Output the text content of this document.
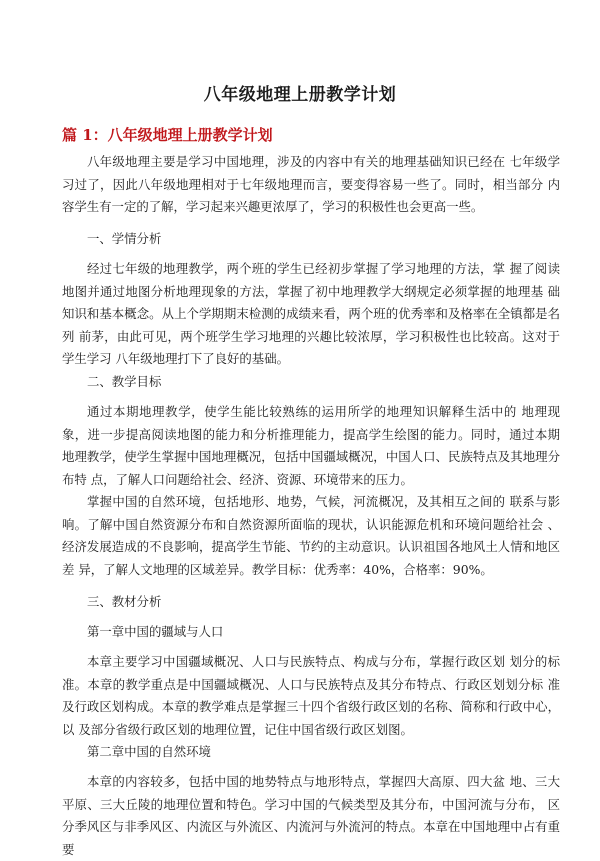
八年级地理上册教学计划
篇 1：八年级地理上册教学计划

八年级地理主要是学习中国地理，涉及的内容中有关的地理基础知识已经在 七年级学习过了，因此八年级地理相对于七年级地理而言，要变得容易一些了。同时，相当部分 内容学生有一定的了解，学习起来兴趣更浓厚了，学习的积极性也会更高一些。

一、学情分析

经过七年级的地理教学，两个班的学生已经初步掌握了学习地理的方法，掌 握了阅读地图并通过地图分析地理现象的方法，掌握了初中地理教学大纲规定必须掌握的地理基 础知识和基本概念。从上个学期期末检测的成绩来看，两个班的优秀率和及格率在全镇都是名列 前茅，由此可见，两个班学生学习地理的兴趣比较浓厚，学习积极性也比较高。这对于学生学习 八年级地理打下了良好的基础。

二、教学目标

通过本期地理教学，使学生能比较熟练的运用所学的地理知识解释生活中的 地理现象，进一步提高阅读地图的能力和分析推理能力，提高学生绘图的能力。同时，通过本期 地理教学，使学生掌握中国地理概况，包括中国疆域概况，中国人口、民族特点及其地理分布特 点，了解人口问题给社会、经济、资源、环境带来的压力。

掌握中国的自然环境，包括地形、地势，气候，河流概况，及其相互之间的 联系与影响。了解中国自然资源分布和自然资源所面临的现状，认识能源危机和环境问题给社会 、经济发展造成的不良影响，提高学生节能、节约的主动意识。认识祖国各地风土人情和地区差 异，了解人文地理的区域差异。教学目标：优秀率：40%，合格率：90%。

三、教材分析

第一章中国的疆域与人口

本章主要学习中国疆域概况、人口与民族特点、构成与分布，掌握行政区划 划分的标准。本章的教学重点是中国疆域概况、人口与民族特点及其分布特点、行政区划划分标 准及行政区划构成。本章的教学难点是掌握三十四个省级行政区划的名称、简称和行政中心，以 及部分省级行政区划的地理位置，记住中国省级行政区划图。

第二章中国的自然环境

本章的内容较多，包括中国的地势特点与地形特点，掌握四大高原、四大盆 地、三大平原、三大丘陵的地理位置和特色。学习中国的气候类型及其分布，中国河流与分布， 区分季风区与非季风区、内流区与外流区、内流河与外流河的特点。本章在中国地理中占有重要
